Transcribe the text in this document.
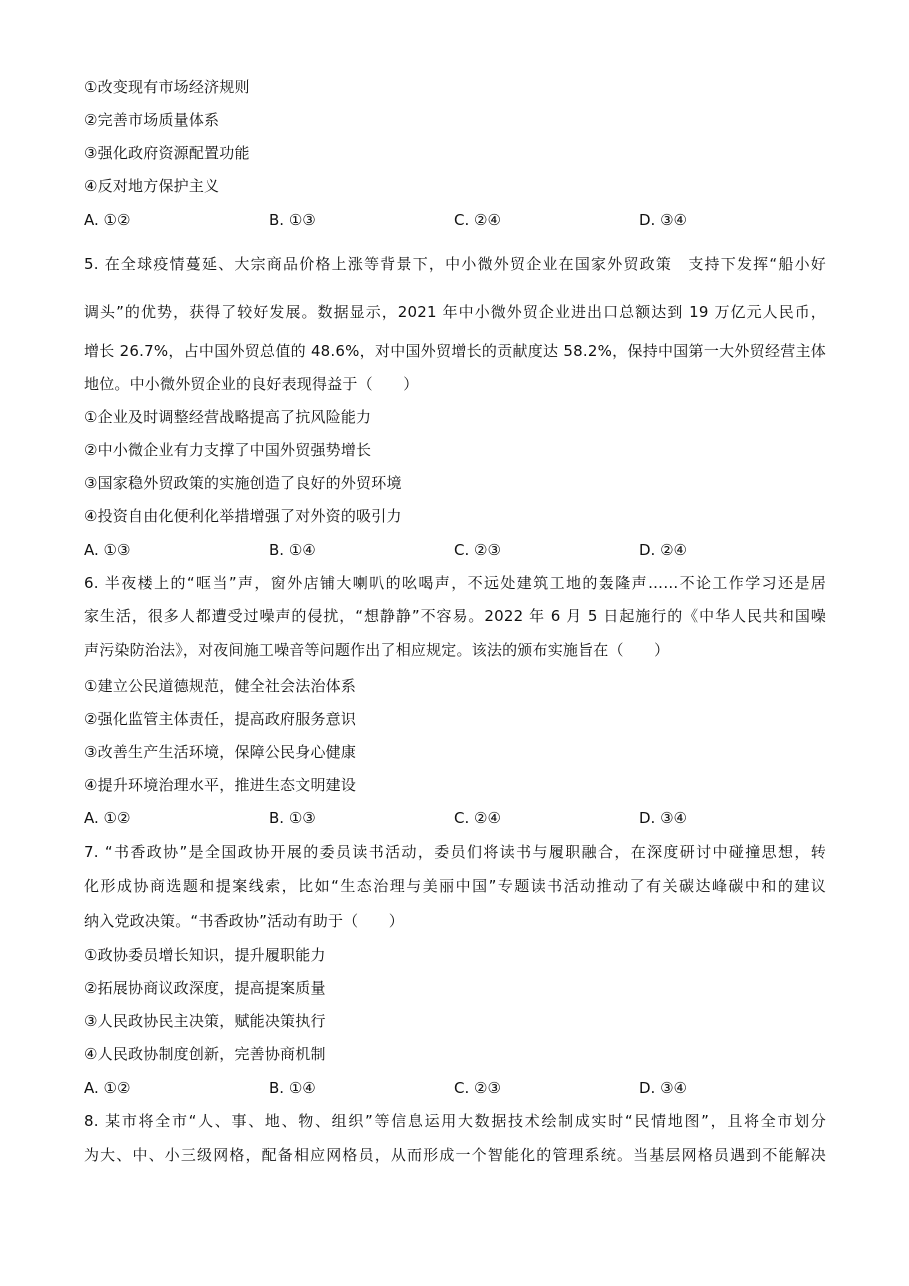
①改变现有市场经济规则
②完善市场质量体系
③强化政府资源配置功能
④反对地方保护主义
A. ①②	B. ①③	C. ②④	D. ③④
5. 在全球疫情蔓延、大宗商品价格上涨等背景下，中小微外贸企业在国家外贸政策　支持下发挥“船小好
调头”的优势，获得了较好发展。数据显示，2021 年中小微外贸企业进出口总额达到 19 万亿元人民币，
增长 26.7%，占中国外贸总值的 48.6%，对中国外贸增长的贡献度达 58.2%，保持中国第一大外贸经营主体
地位。中小微外贸企业的良好表现得益于（　　）
①企业及时调整经营战略提高了抗风险能力
②中小微企业有力支撑了中国外贸强势增长
③国家稳外贸政策的实施创造了良好的外贸环境
④投资自由化便利化举措增强了对外资的吸引力
A. ①③	B. ①④	C. ②③	D. ②④
6. 半夜楼上的“哐当”声，窗外店铺大喇叭的吆喝声，不远处建筑工地的轰隆声……不论工作学习还是居
家生活，很多人都遭受过噪声的侵扰，“想静静”不容易。2022 年 6 月 5 日起施行的《中华人民共和国噪
声污染防治法》，对夜间施工噪音等问题作出了相应规定。该法的颁布实施旨在（　　）
①建立公民道德规范，健全社会法治体系
②强化监管主体责任，提高政府服务意识
③改善生产生活环境，保障公民身心健康
④提升环境治理水平，推进生态文明建设
A. ①②	B. ①③	C. ②④	D. ③④
7. “书香政协”是全国政协开展的委员读书活动，委员们将读书与履职融合，在深度研讨中碰撞思想，转
化形成协商选题和提案线索，比如“生态治理与美丽中国”专题读书活动推动了有关碳达峰碳中和的建议
纳入党政决策。“书香政协”活动有助于（　　）
①政协委员增长知识，提升履职能力
②拓展协商议政深度，提高提案质量
③人民政协民主决策，赋能决策执行
④人民政协制度创新，完善协商机制
A. ①②	B. ①④	C. ②③	D. ③④
8. 某市将全市“人、事、地、物、组织”等信息运用大数据技术绘制成实时“民情地图”，且将全市划分
为大、中、小三级网格，配备相应网格员，从而形成一个智能化的管理系统。当基层网格员遇到不能解决
